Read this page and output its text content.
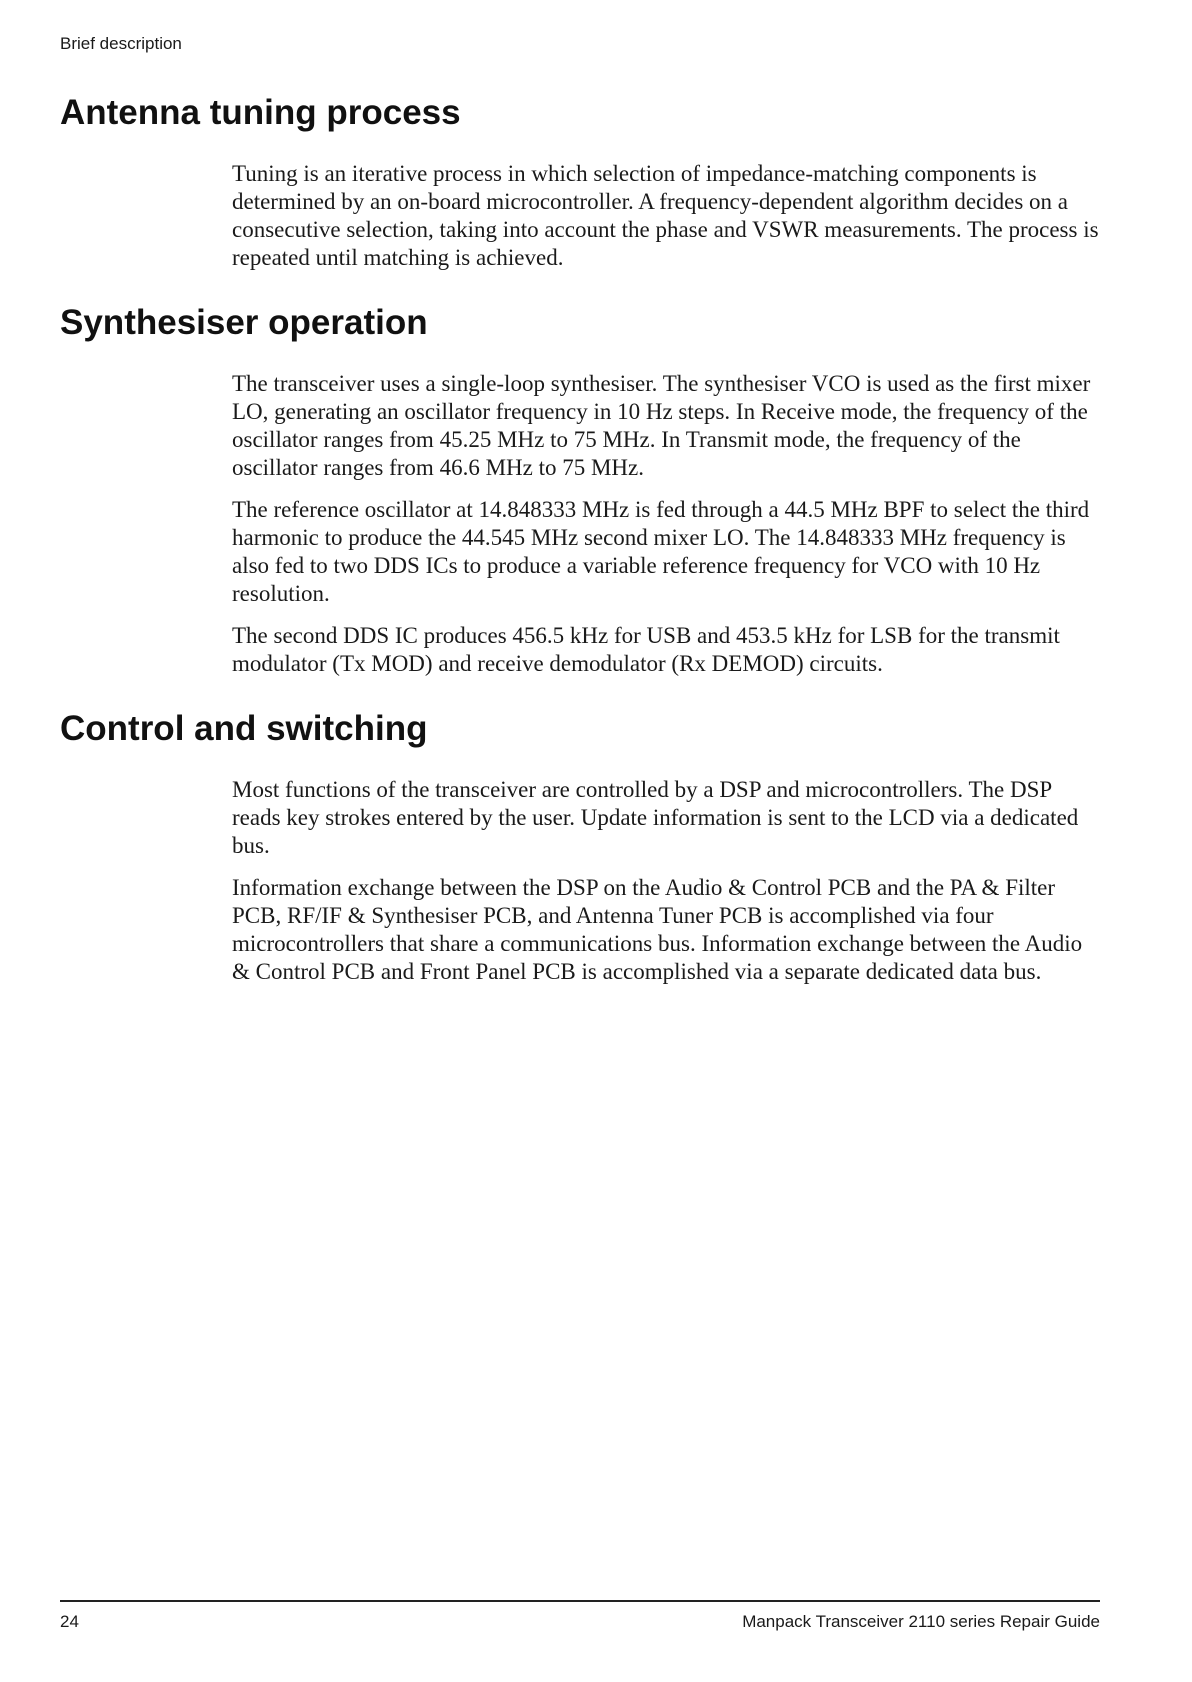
Brief description
Antenna tuning process

Tuning is an iterative process in which selection of impedance-matching components is determined by an on-board microcontroller. A frequency-dependent algorithm decides on a consecutive selection, taking into account the phase and VSWR measurements. The process is repeated until matching is achieved.

Synthesiser operation

The transceiver uses a single-loop synthesiser. The synthesiser VCO is used as the first mixer LO, generating an oscillator frequency in 10 Hz steps. In Receive mode, the frequency of the oscillator ranges from 45.25 MHz to 75 MHz. In Transmit mode, the frequency of the oscillator ranges from 46.6 MHz to 75 MHz.

The reference oscillator at 14.848333 MHz is fed through a 44.5 MHz BPF to select the third harmonic to produce the 44.545 MHz second mixer LO. The 14.848333 MHz frequency is also fed to two DDS ICs to produce a variable reference frequency for VCO with 10 Hz resolution.

The second DDS IC produces 456.5 kHz for USB and 453.5 kHz for LSB for the transmit modulator (Tx MOD) and receive demodulator (Rx DEMOD) circuits.

Control and switching

Most functions of the transceiver are controlled by a DSP and microcontrollers. The DSP reads key strokes entered by the user. Update information is sent to the LCD via a dedicated bus.

Information exchange between the DSP on the Audio & Control PCB and the PA & Filter PCB, RF/IF & Synthesiser PCB, and Antenna Tuner PCB is accomplished via four microcontrollers that share a communications bus. Information exchange between the Audio & Control PCB and Front Panel PCB is accomplished via a separate dedicated data bus.

24	Manpack Transceiver 2110 series Repair Guide
